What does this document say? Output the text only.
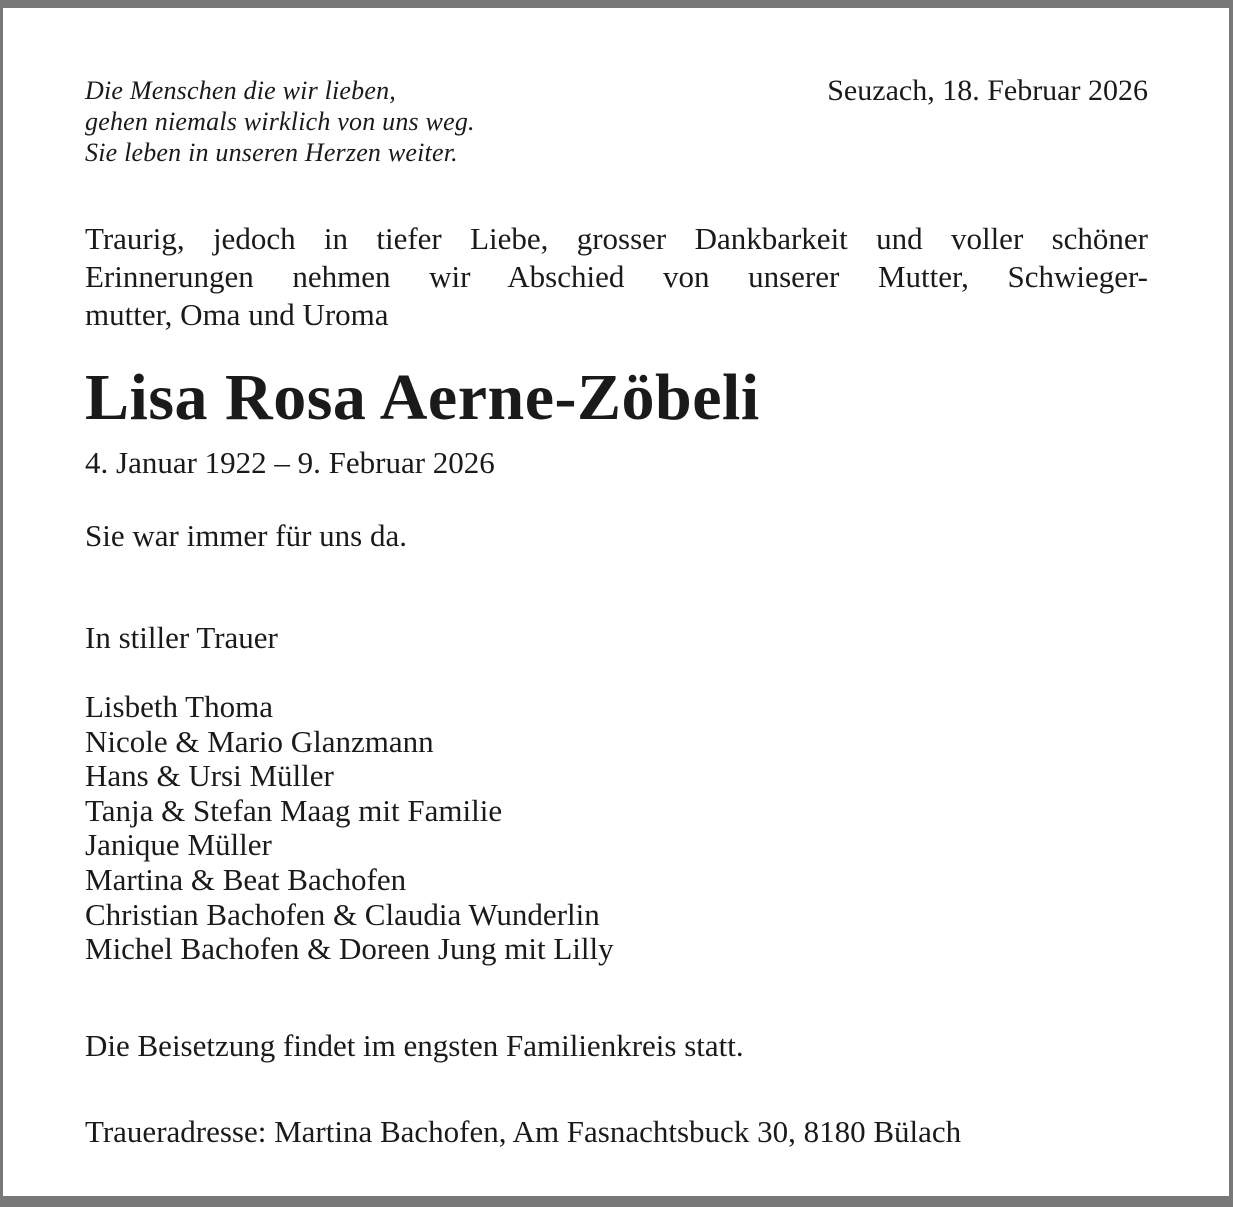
Die Menschen die wir lieben,
gehen niemals wirklich von uns weg.
Sie leben in unseren Herzen weiter.
Seuzach, 18. Februar 2026
Traurig, jedoch in tiefer Liebe, grosser Dankbarkeit und voller schöner
Erinnerungen nehmen wir Abschied von unserer Mutter, Schwieger-
mutter, Oma und Uroma
Lisa Rosa Aerne-Zöbeli
4. Januar 1922 – 9. Februar 2026
Sie war immer für uns da.
In stiller Trauer
Lisbeth Thoma
Nicole & Mario Glanzmann
Hans & Ursi Müller
Tanja & Stefan Maag mit Familie
Janique Müller
Martina & Beat Bachofen
Christian Bachofen & Claudia Wunderlin
Michel Bachofen & Doreen Jung mit Lilly
Die Beisetzung findet im engsten Familienkreis statt.
Traueradresse: Martina Bachofen, Am Fasnachtsbuck 30, 8180 Bülach
